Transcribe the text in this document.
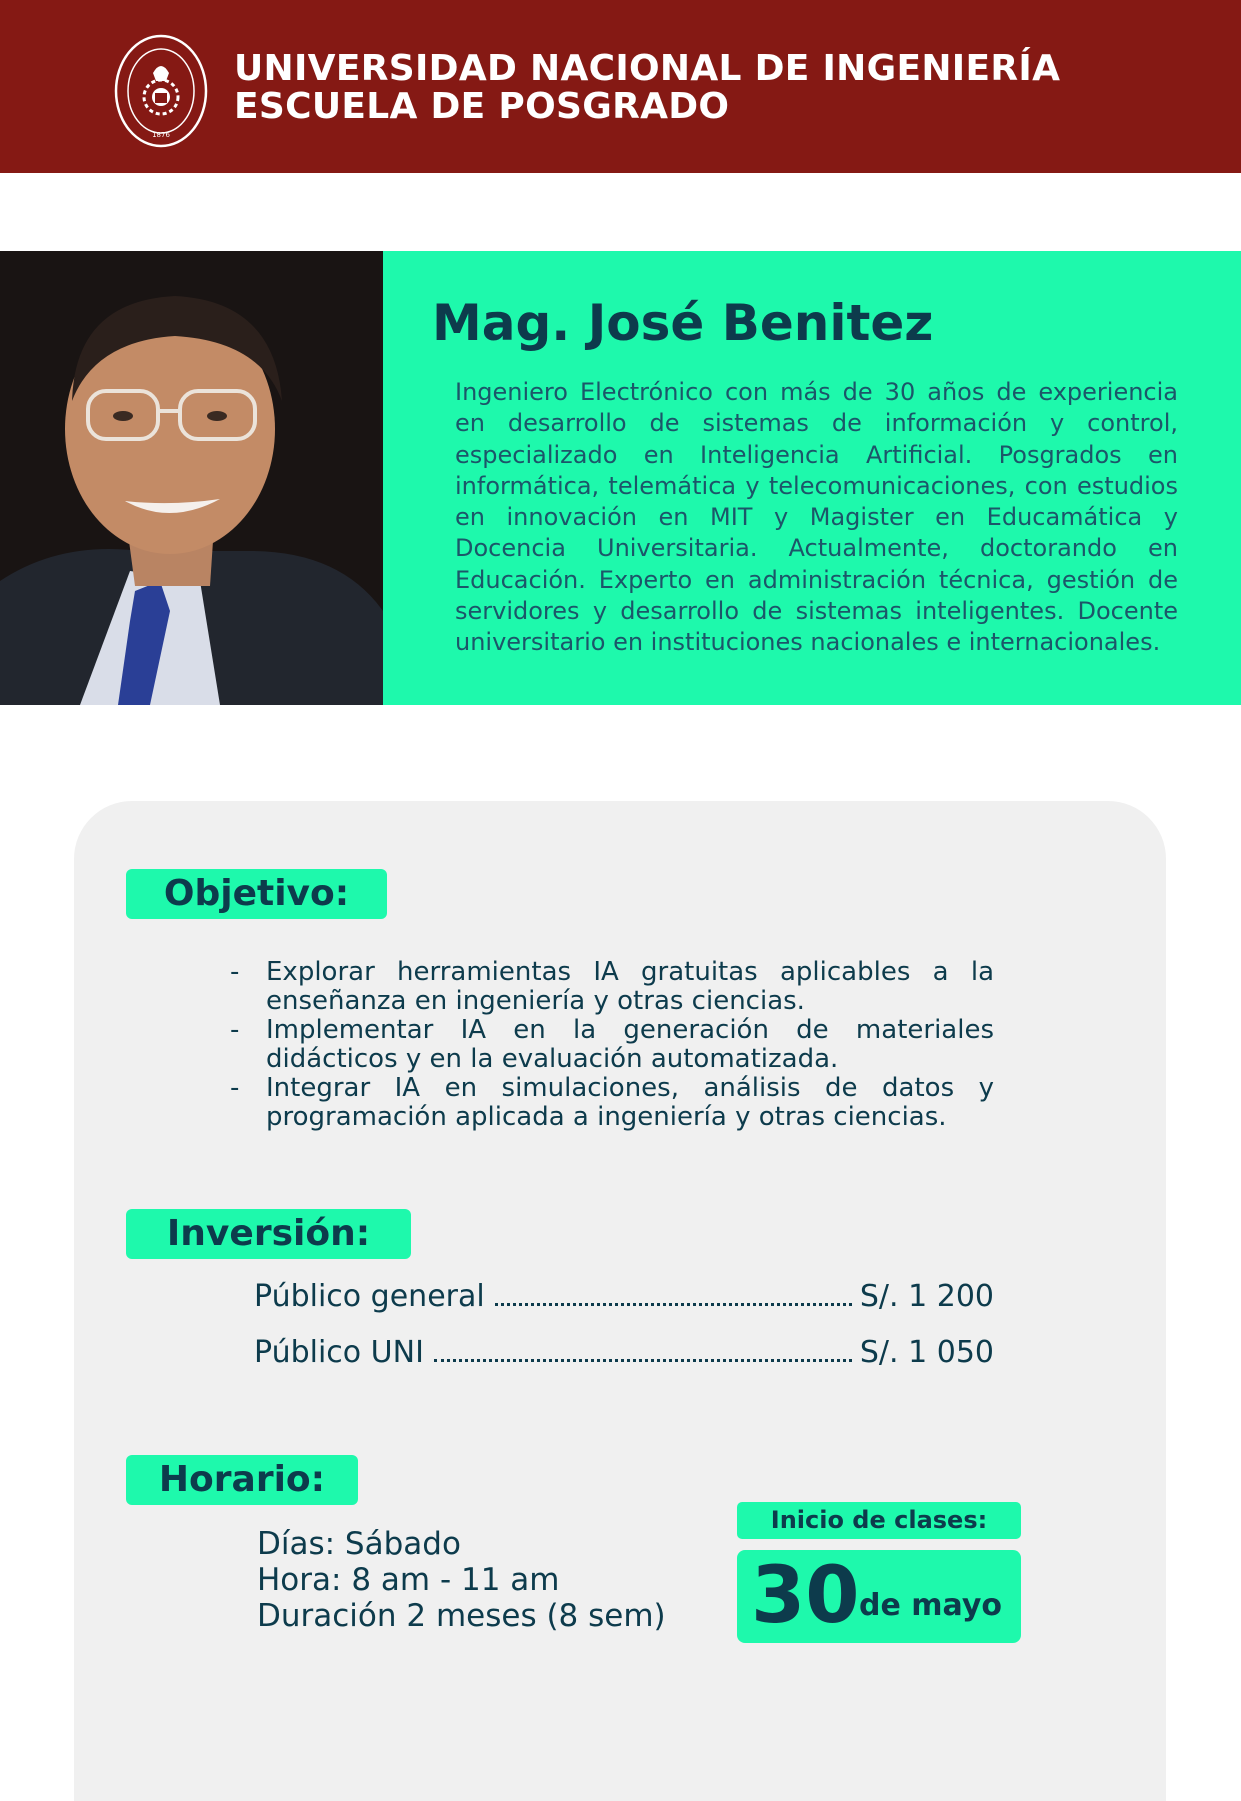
1876
UNIVERSIDAD NACIONAL DE INGENIERÍA
ESCUELA DE POSGRADO
Mag. José Benitez
Ingeniero Electrónico con más de 30 años de experiencia en desarrollo de sistemas de información y control, especializado en Inteligencia Artificial. Posgrados en informática, telemática y telecomunicaciones, con estudios en innovación en MIT y Magister en Educamática y Docencia Universitaria. Actualmente, doctorando en Educación. Experto en administración técnica, gestión de servidores y desarrollo de sistemas inteligentes. Docente universitario en instituciones nacionales e internacionales.
Objetivo:
- Explorar herramientas IA gratuitas aplicables a la enseñanza en ingeniería y otras ciencias.
- Implementar IA en la generación de materiales didácticos y en la evaluación automatizada.
- Integrar IA en simulaciones, análisis de datos y programación aplicada a ingeniería y otras ciencias.
Inversión:
Público general	S/. 1 200
Público UNI	S/. 1 050
Horario:
Días: Sábado
Hora: 8 am - 11 am
Duración 2 meses (8 sem)
Inicio de clases:
30 de mayo
